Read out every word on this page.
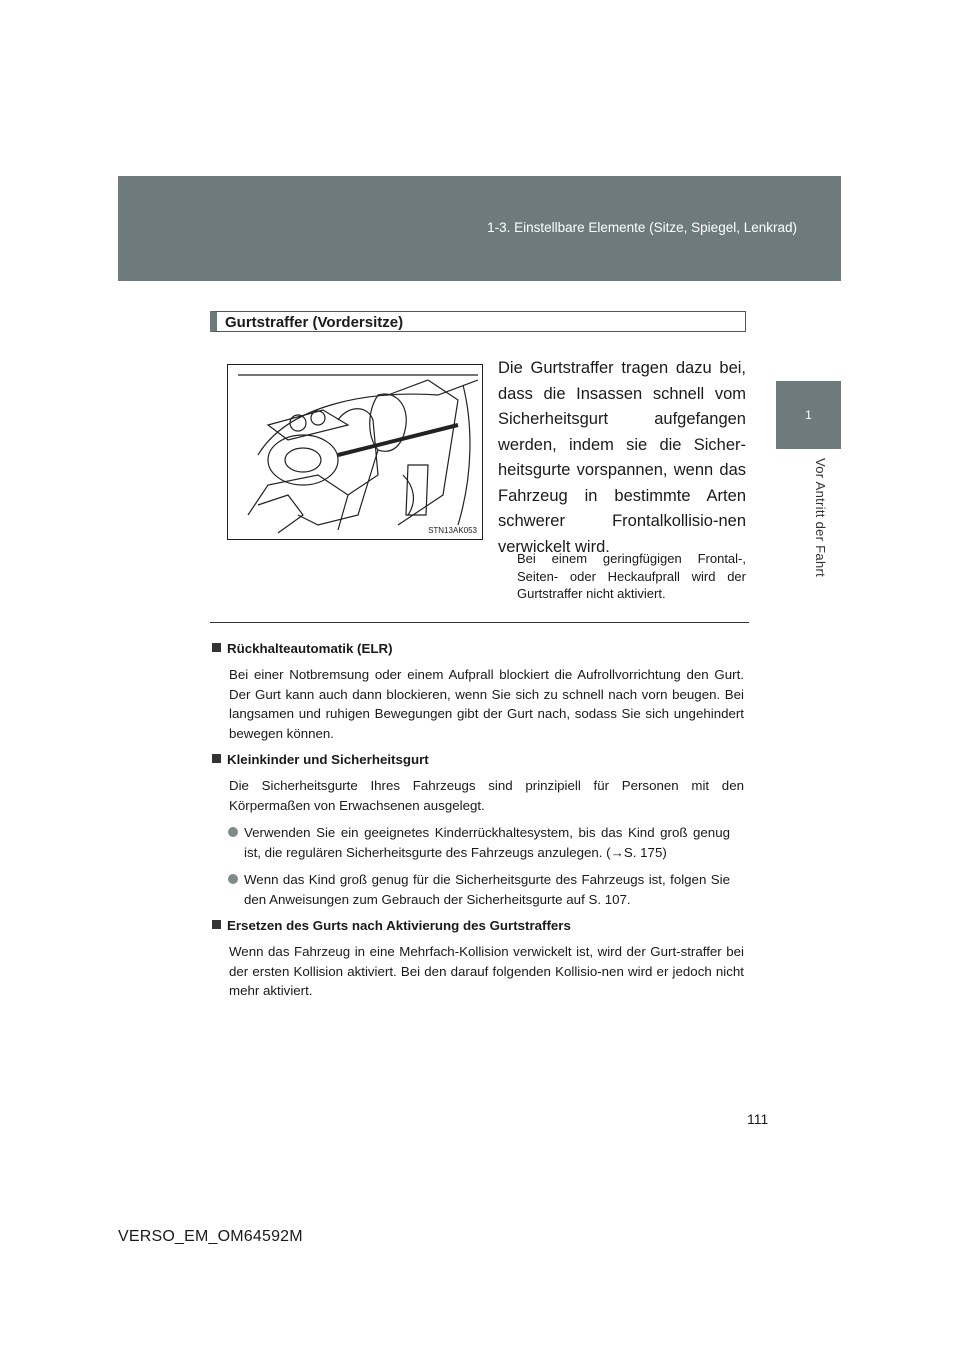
1-3. Einstellbare Elemente (Sitze, Spiegel, Lenkrad)
1
Vor Antritt der Fahrt
Gurtstraffer (Vordersitze)
STN13AK053
Die Gurtstraffer tragen dazu bei, dass die Insassen schnell vom Sicherheitsgurt aufgefangen werden, indem sie die Sicher-heitsgurte vorspannen, wenn das Fahrzeug in bestimmte Arten schwerer Frontalkollisio-nen verwickelt wird.
Bei einem geringfügigen Frontal-, Seiten- oder Heckaufprall wird der Gurtstraffer nicht aktiviert.
Rückhalteautomatik (ELR)
Bei einer Notbremsung oder einem Aufprall blockiert die Aufrollvorrichtung den Gurt. Der Gurt kann auch dann blockieren, wenn Sie sich zu schnell nach vorn beugen. Bei langsamen und ruhigen Bewegungen gibt der Gurt nach, sodass Sie sich ungehindert bewegen können.
Kleinkinder und Sicherheitsgurt
Die Sicherheitsgurte Ihres Fahrzeugs sind prinzipiell für Personen mit den Körpermaßen von Erwachsenen ausgelegt.
Verwenden Sie ein geeignetes Kinderrückhaltesystem, bis das Kind groß genug ist, die regulären Sicherheitsgurte des Fahrzeugs anzulegen. (→S. 175)
Wenn das Kind groß genug für die Sicherheitsgurte des Fahrzeugs ist, folgen Sie den Anweisungen zum Gebrauch der Sicherheitsgurte auf S. 107.
Ersetzen des Gurts nach Aktivierung des Gurtstraffers
Wenn das Fahrzeug in eine Mehrfach-Kollision verwickelt ist, wird der Gurt-straffer bei der ersten Kollision aktiviert. Bei den darauf folgenden Kollisio-nen wird er jedoch nicht mehr aktiviert.
111
VERSO_EM_OM64592M
